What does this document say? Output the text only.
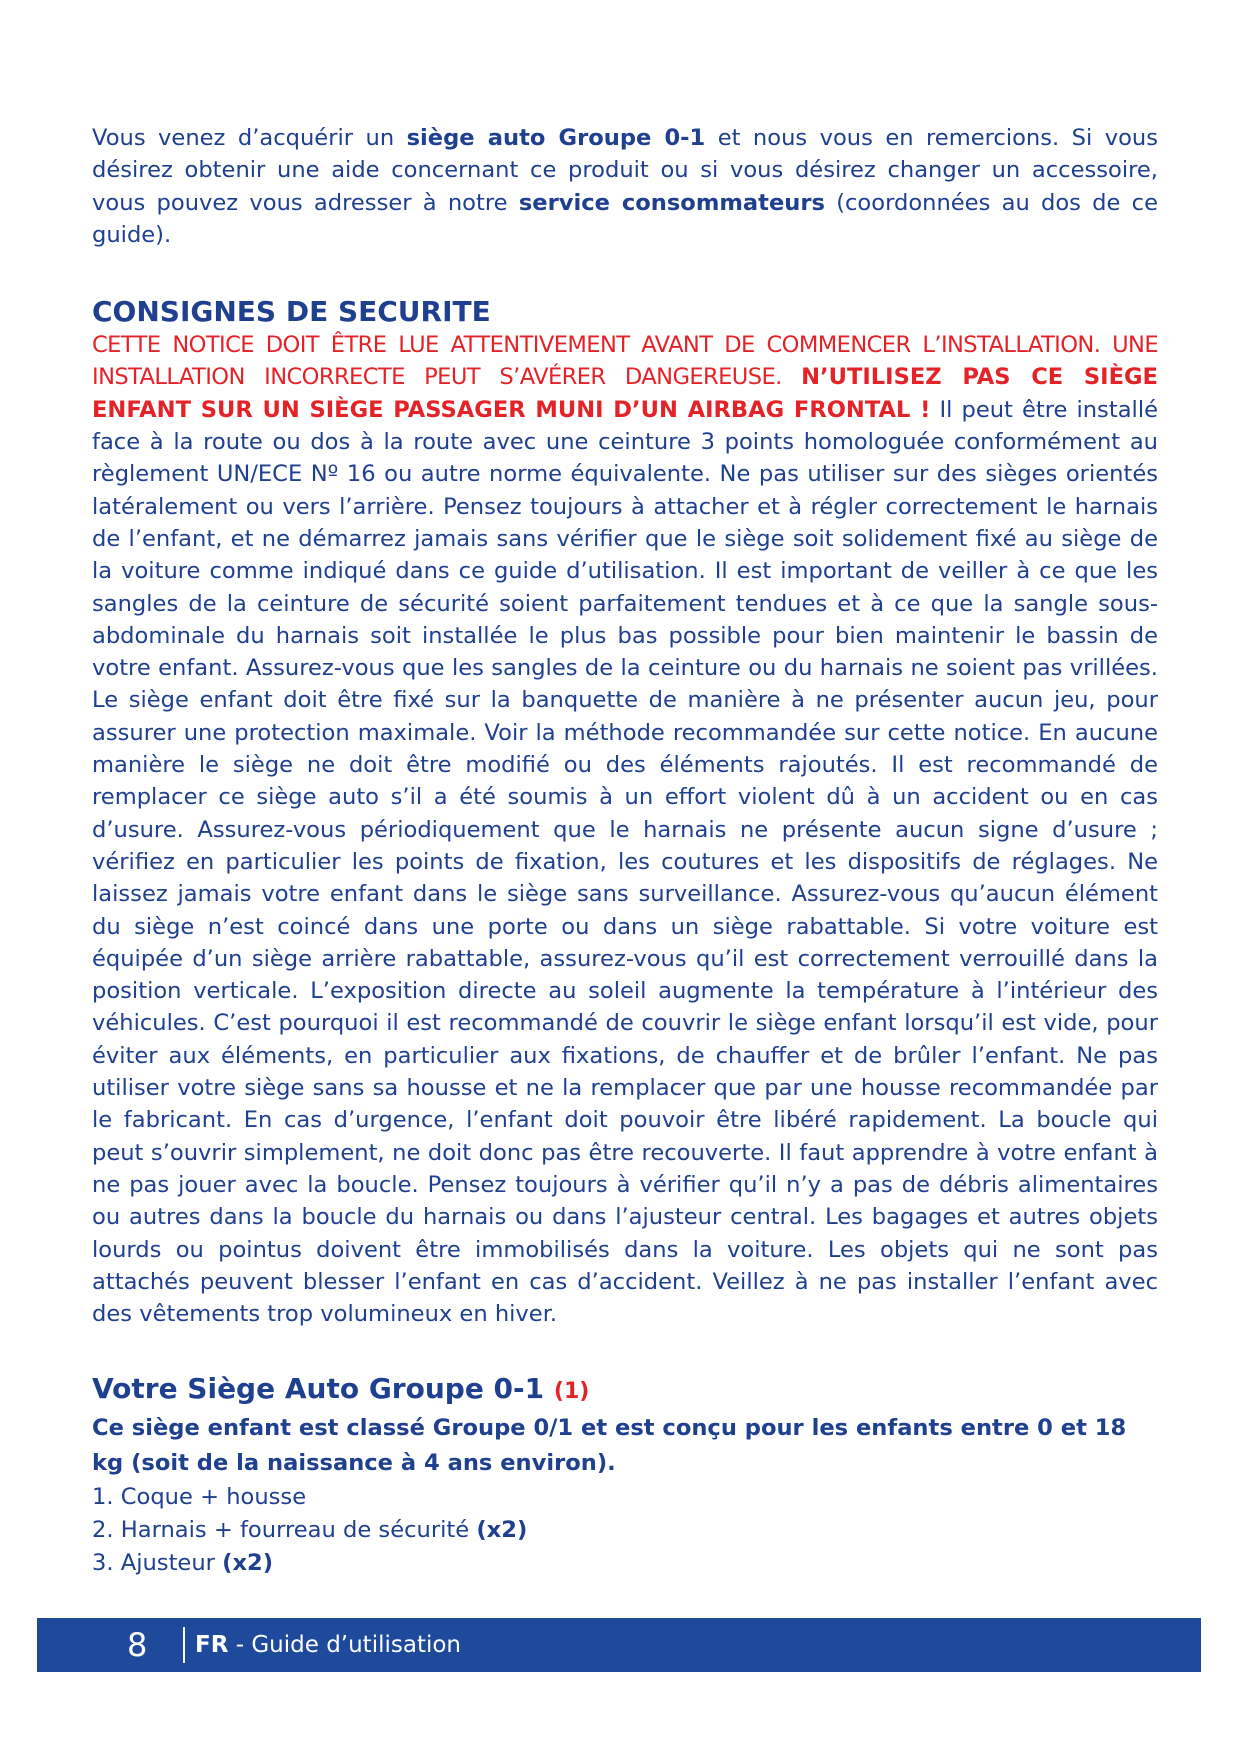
Vous venez d’acquérir un siège auto Groupe 0-1 et nous vous en remercions. Si vous désirez obtenir une aide concernant ce produit ou si vous désirez changer un accessoire, vous pouvez vous adresser à notre service consommateurs (coordonnées au dos de ce guide).

CONSIGNES DE SECURITE

CETTE NOTICE DOIT ÊTRE LUE ATTENTIVEMENT AVANT DE COMMENCER L’INSTALLATION. UNE INSTALLATION INCORRECTE PEUT S’AVÉRER DANGEREUSE. N’UTILISEZ PAS CE SIÈGE ENFANT SUR UN SIÈGE PASSAGER MUNI D’UN AIRBAG FRONTAL ! Il peut être installé face à la route ou dos à la route avec une ceinture 3 points homologuée conformément au règlement UN/ECE Nº 16 ou autre norme équivalente. Ne pas utiliser sur des sièges orientés latéralement ou vers l’arrière. Pensez toujours à attacher et à régler correctement le harnais de l’enfant, et ne démarrez jamais sans vérifier que le siège soit solidement fixé au siège de la voiture comme indiqué dans ce guide d’utilisation. Il est important de veiller à ce que les sangles de la ceinture de sécurité soient parfaitement tendues et à ce que la sangle sous-abdominale du harnais soit installée le plus bas possible pour bien maintenir le bassin de votre enfant. Assurez-vous que les sangles de la ceinture ou du harnais ne soient pas vrillées. Le siège enfant doit être fixé sur la banquette de manière à ne présenter aucun jeu, pour assurer une protection maximale. Voir la méthode recommandée sur cette notice. En aucune manière le siège ne doit être modifié ou des éléments rajoutés. Il est recommandé de remplacer ce siège auto s’il a été soumis à un effort violent dû à un accident ou en cas d’usure. Assurez-vous périodiquement que le harnais ne présente aucun signe d’usure ; vérifiez en particulier les points de fixation, les coutures et les dispositifs de réglages. Ne laissez jamais votre enfant dans le siège sans surveillance. Assurez-vous qu’aucun élément du siège n’est coincé dans une porte ou dans un siège rabattable. Si votre voiture est équipée d’un siège arrière rabattable, assurez-vous qu’il est correctement verrouillé dans la position verticale. L’exposition directe au soleil augmente la température à l’intérieur des véhicules. C’est pourquoi il est recommandé de couvrir le siège enfant lorsqu’il est vide, pour éviter aux éléments, en particulier aux fixations, de chauffer et de brûler l’enfant. Ne pas utiliser votre siège sans sa housse et ne la remplacer que par une housse recommandée par le fabricant. En cas d’urgence, l’enfant doit pouvoir être libéré rapidement. La boucle qui peut s’ouvrir simplement, ne doit donc pas être recouverte. Il faut apprendre à votre enfant à ne pas jouer avec la boucle. Pensez toujours à vérifier qu’il n’y a pas de débris alimentaires ou autres dans la boucle du harnais ou dans l’ajusteur central. Les bagages et autres objets lourds ou pointus doivent être immobilisés dans la voiture. Les objets qui ne sont pas attachés peuvent blesser l’enfant en cas d’accident. Veillez à ne pas installer l’enfant avec des vêtements trop volumineux en hiver.

Votre Siège Auto Groupe 0-1 (1)

Ce siège enfant est classé Groupe 0/1 et est conçu pour les enfants entre 0 et 18 kg (soit de la naissance à 4 ans environ).

1. Coque + housse
2. Harnais + fourreau de sécurité (x2)
3. Ajusteur (x2)
8 FR - Guide d’utilisation
